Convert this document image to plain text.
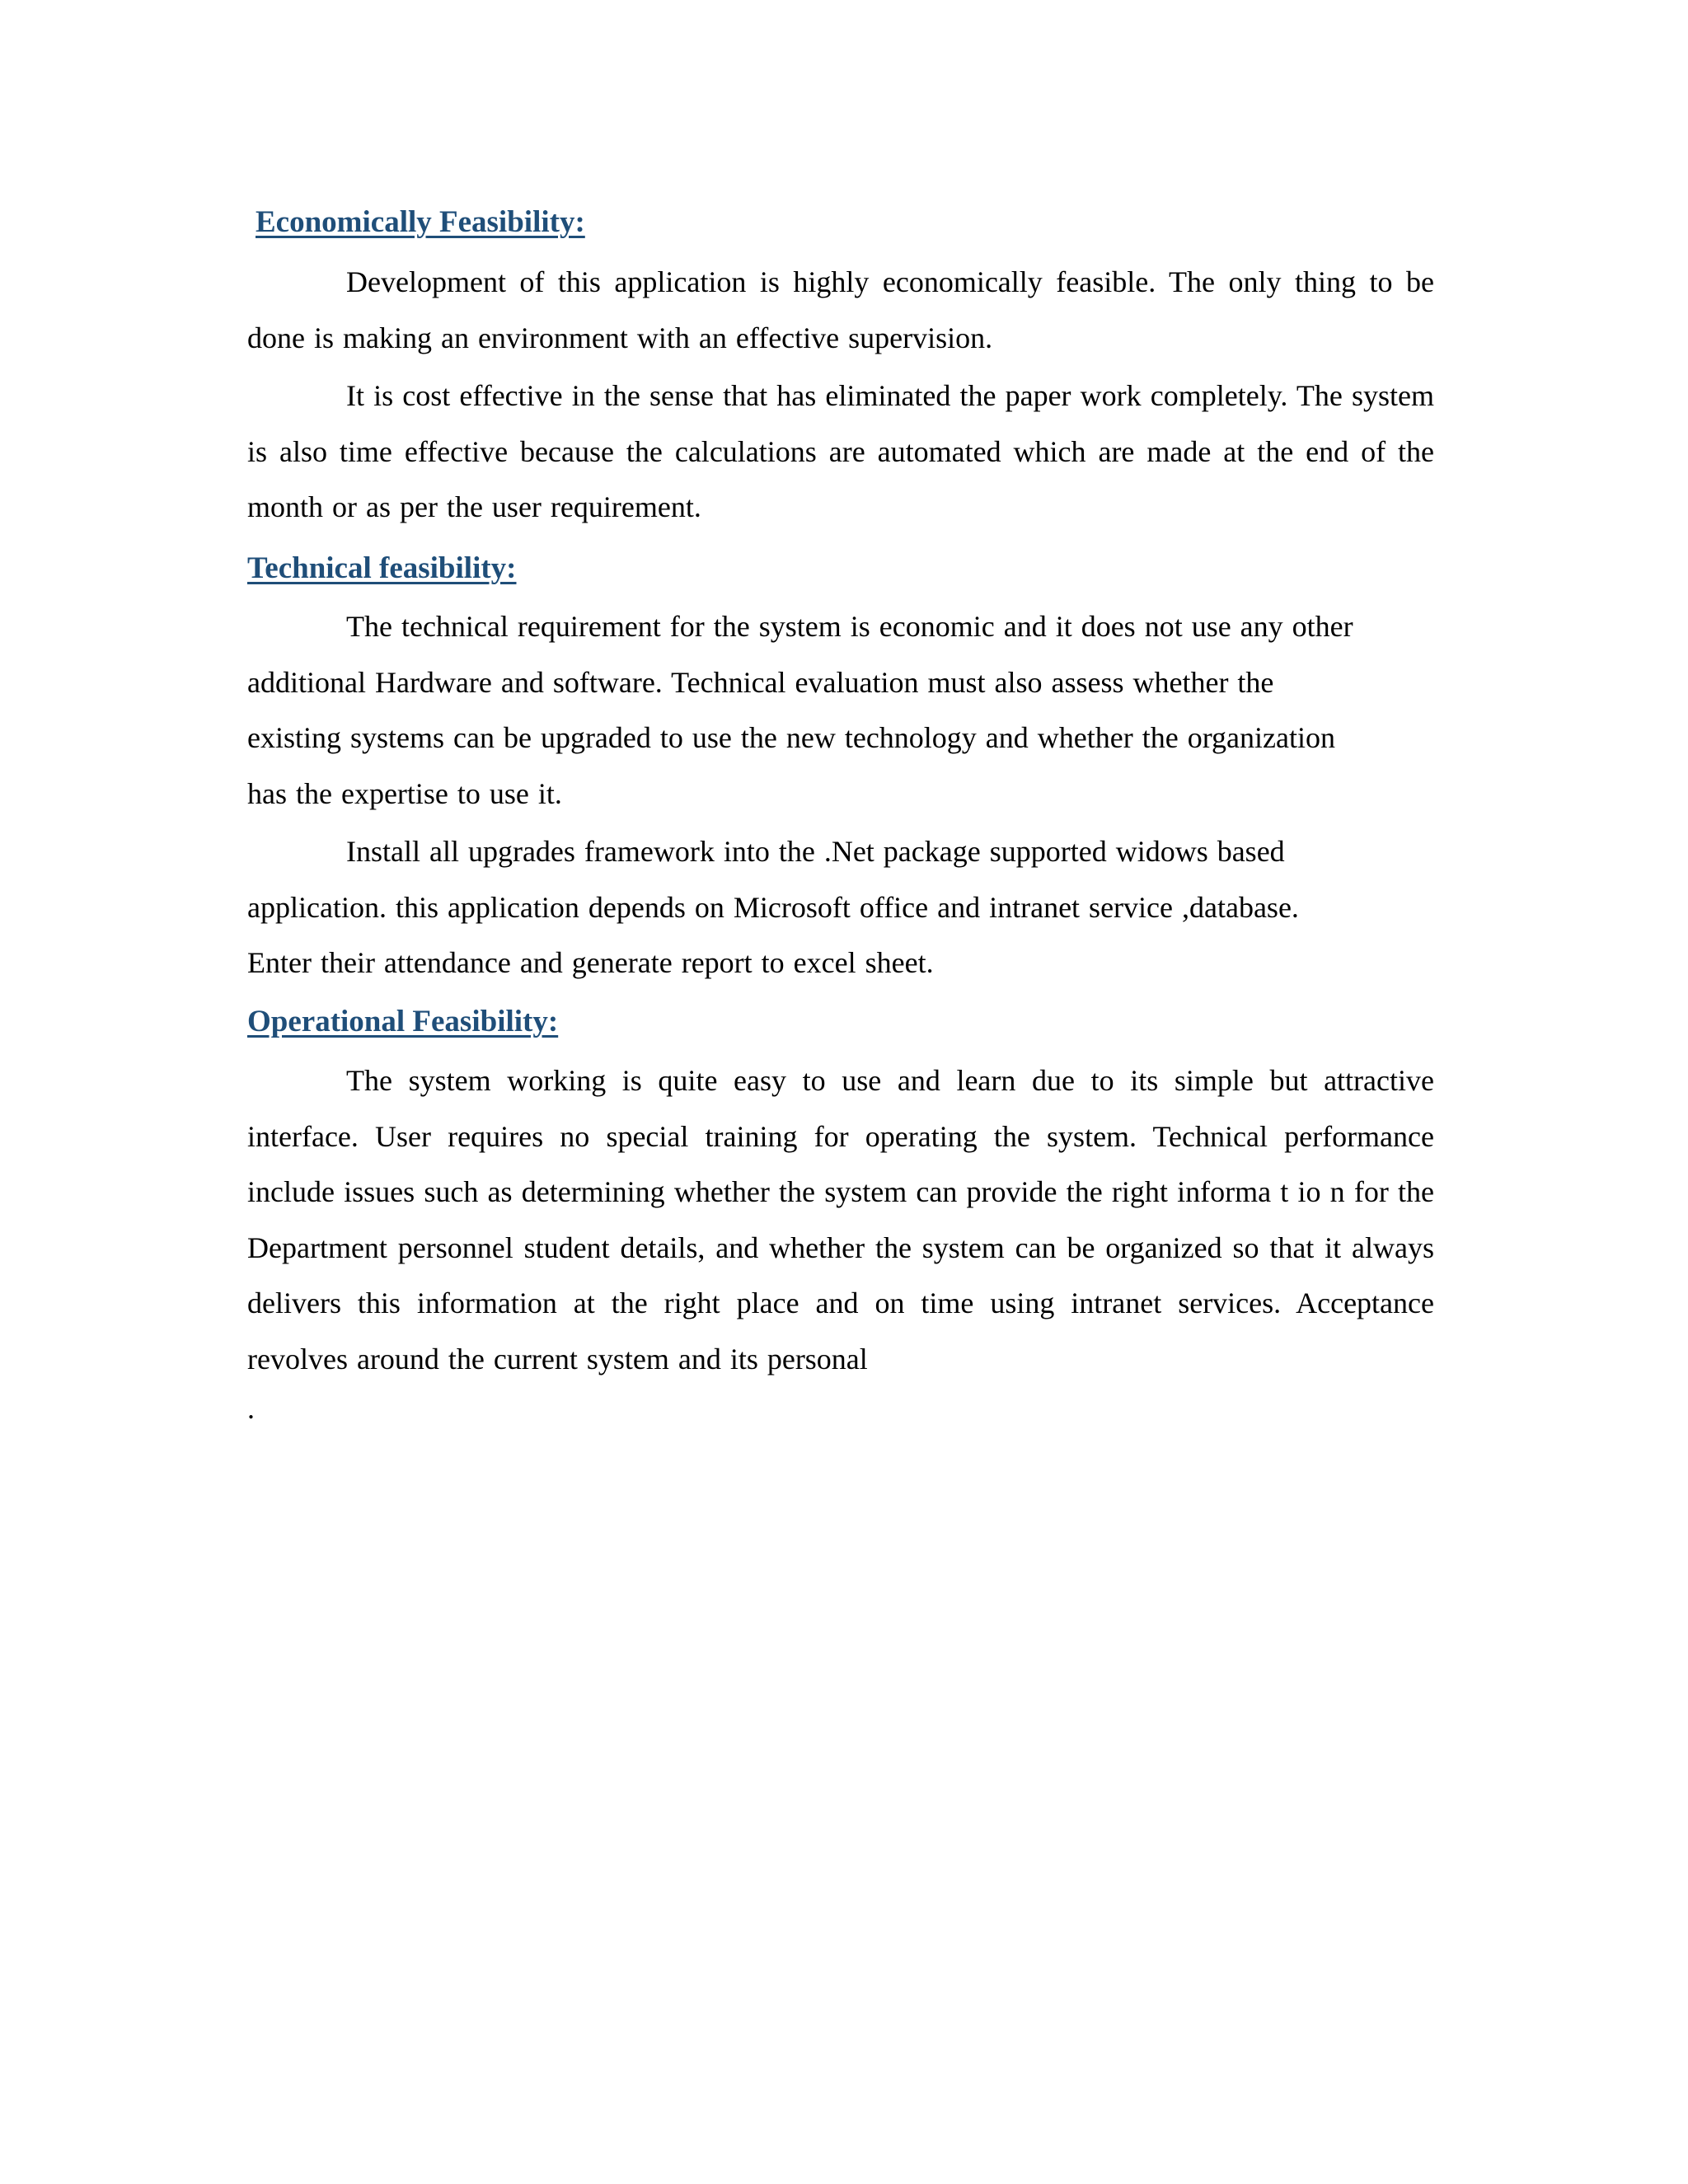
Economically Feasibility:

Development of this application is highly economically feasible. The only thing to be done is making an environment with an effective supervision.

It is cost effective in the sense that has eliminated the paper work completely. The system is also time effective because the calculations are automated which are made at the end of the month or as per the user requirement.

Technical feasibility:

The technical requirement for the system is economic and it does not use any other additional Hardware and software. Technical evaluation must also assess whether the existing systems can be upgraded to use the new technology and whether the organization has the expertise to use it.

Install all upgrades framework into the .Net package supported widows based application. this application depends on Microsoft office and intranet service ,database. Enter their attendance and generate report to excel sheet.

Operational Feasibility:

The system working is quite easy to use and learn due to its simple but attractive interface. User requires no special training for operating the system. Technical performance include issues such as determining whether the system can provide the right informa t io n for the Department personnel student details, and whether the system can be organized so that it always delivers this information at the right place and on time using intranet services. Acceptance revolves around the current system and its personal

.
